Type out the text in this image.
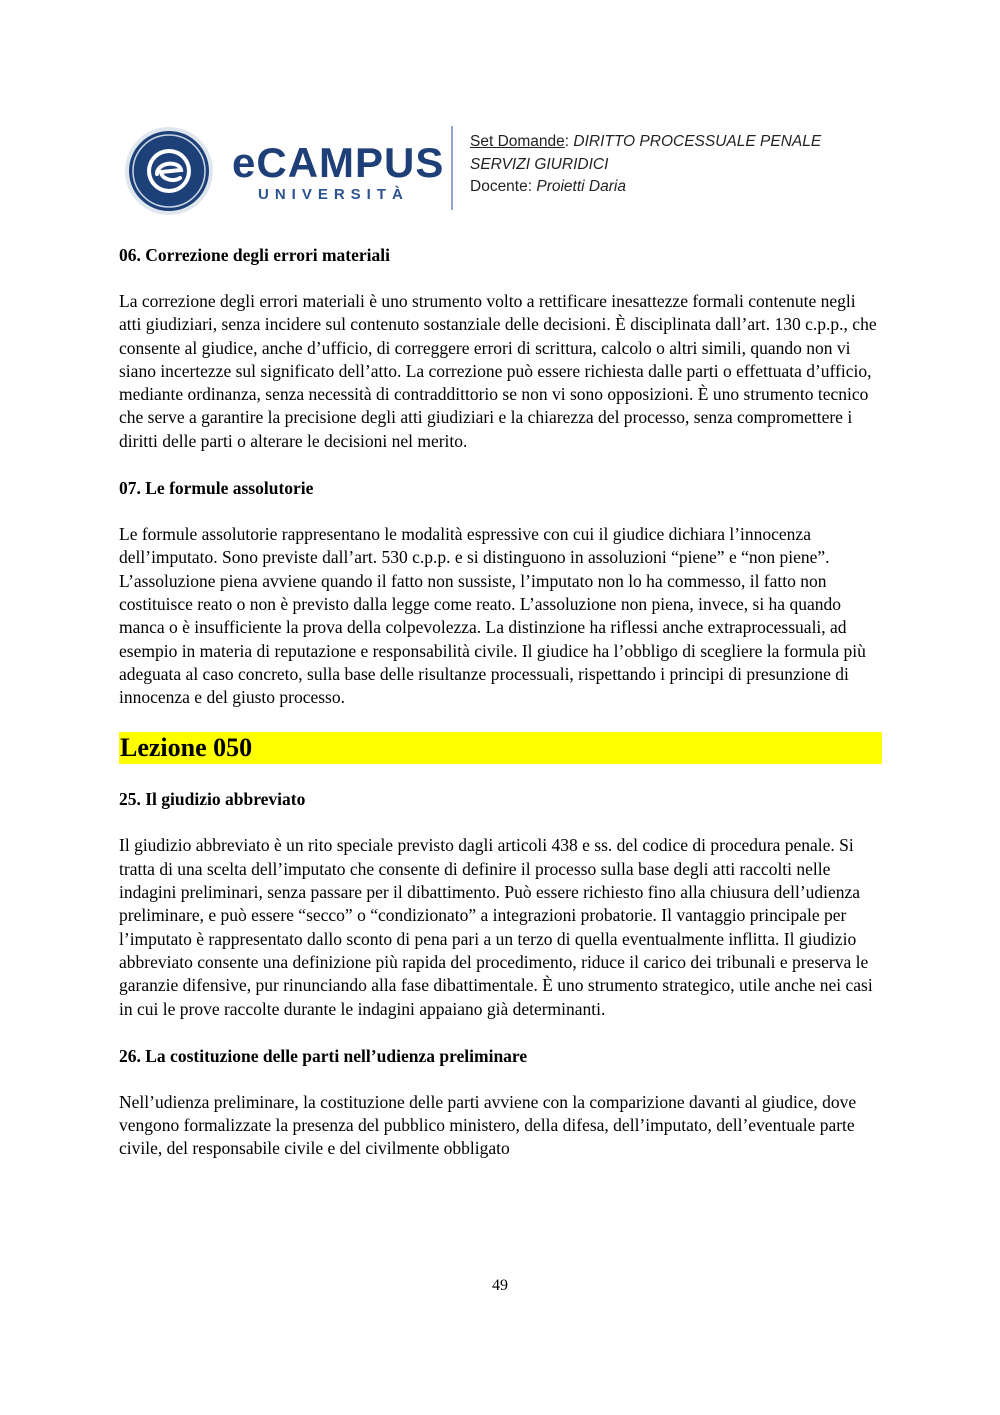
eCAMPUS
UNIVERSITÀ
Set Domande: DIRITTO PROCESSUALE PENALE
SERVIZI GIURIDICI
Docente: Proietti Daria

06. Correzione degli errori materiali

La correzione degli errori materiali è uno strumento volto a rettificare inesattezze formali contenute negli atti giudiziari, senza incidere sul contenuto sostanziale delle decisioni. È disciplinata dall’art. 130 c.p.p., che consente al giudice, anche d’ufficio, di correggere errori di scrittura, calcolo o altri simili, quando non vi siano incertezze sul significato dell’atto. La correzione può essere richiesta dalle parti o effettuata d’ufficio, mediante ordinanza, senza necessità di contraddittorio se non vi sono opposizioni. È uno strumento tecnico che serve a garantire la precisione degli atti giudiziari e la chiarezza del processo, senza compromettere i diritti delle parti o alterare le decisioni nel merito.

07. Le formule assolutorie

Le formule assolutorie rappresentano le modalità espressive con cui il giudice dichiara l’innocenza dell’imputato. Sono previste dall’art. 530 c.p.p. e si distinguono in assoluzioni “piene” e “non piene”. L’assoluzione piena avviene quando il fatto non sussiste, l’imputato non lo ha commesso, il fatto non costituisce reato o non è previsto dalla legge come reato. L’assoluzione non piena, invece, si ha quando manca o è insufficiente la prova della colpevolezza. La distinzione ha riflessi anche extraprocessuali, ad esempio in materia di reputazione e responsabilità civile. Il giudice ha l’obbligo di scegliere la formula più adeguata al caso concreto, sulla base delle risultanze processuali, rispettando i principi di presunzione di innocenza e del giusto processo.

Lezione 050

25. Il giudizio abbreviato

Il giudizio abbreviato è un rito speciale previsto dagli articoli 438 e ss. del codice di procedura penale. Si tratta di una scelta dell’imputato che consente di definire il processo sulla base degli atti raccolti nelle indagini preliminari, senza passare per il dibattimento. Può essere richiesto fino alla chiusura dell’udienza preliminare, e può essere “secco” o “condizionato” a integrazioni probatorie. Il vantaggio principale per l’imputato è rappresentato dallo sconto di pena pari a un terzo di quella eventualmente inflitta. Il giudizio abbreviato consente una definizione più rapida del procedimento, riduce il carico dei tribunali e preserva le garanzie difensive, pur rinunciando alla fase dibattimentale. È uno strumento strategico, utile anche nei casi in cui le prove raccolte durante le indagini appaiano già determinanti.

26. La costituzione delle parti nell’udienza preliminare

Nell’udienza preliminare, la costituzione delle parti avviene con la comparizione davanti al giudice, dove vengono formalizzate la presenza del pubblico ministero, della difesa, dell’imputato, dell’eventuale parte civile, del responsabile civile e del civilmente obbligato

49
